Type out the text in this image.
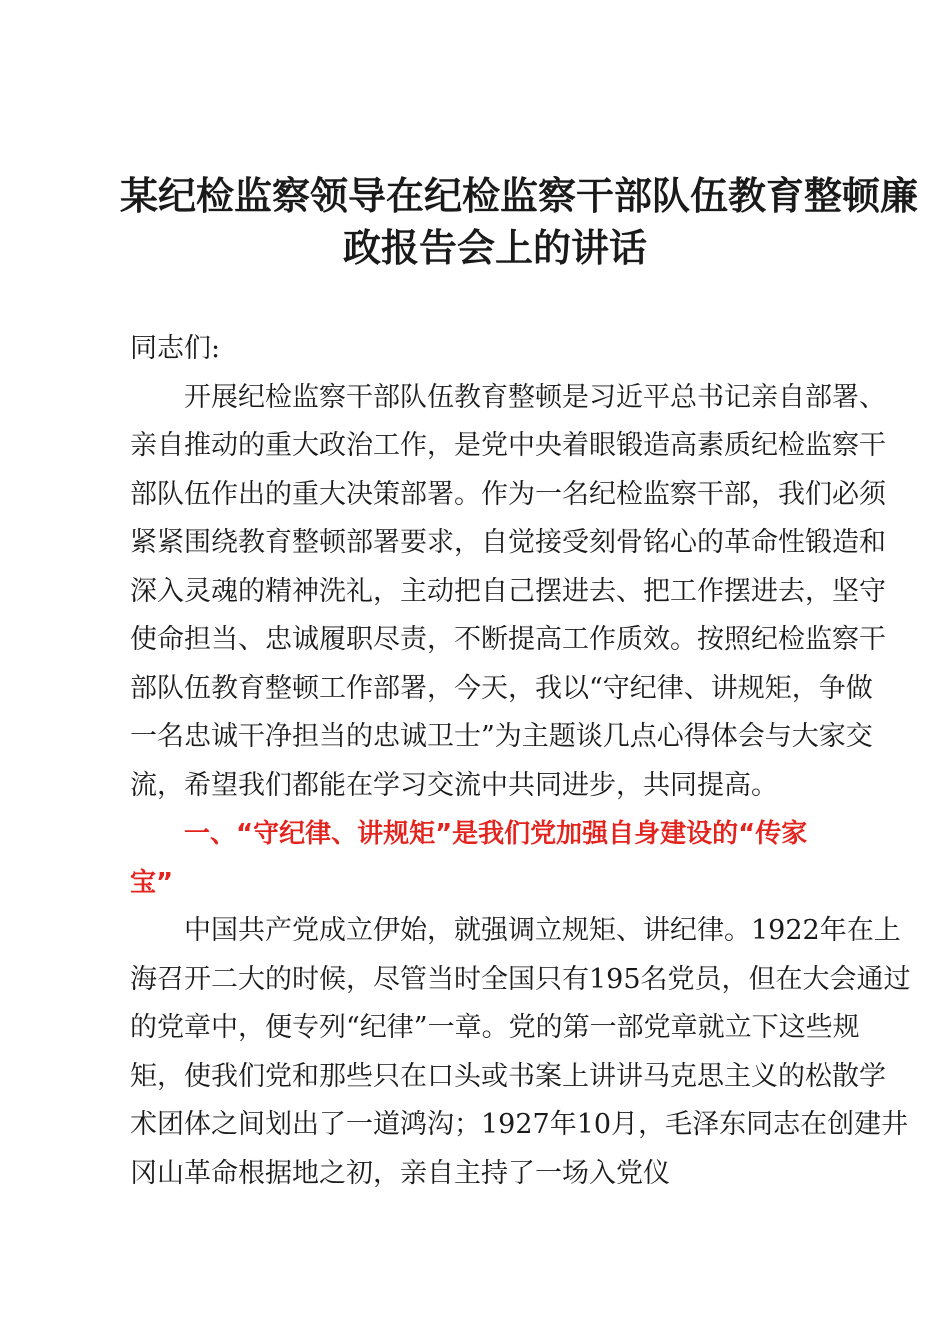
某纪检监察领导在纪检监察干部队伍教育整顿廉
政报告会上的讲话

同志们:

开展纪检监察干部队伍教育整顿是习近平总书记亲自部署、
亲自推动的重大政治工作，是党中央着眼锻造高素质纪检监察干
部队伍作出的重大决策部署。作为一名纪检监察干部，我们必须
紧紧围绕教育整顿部署要求，自觉接受刻骨铭心的革命性锻造和
深入灵魂的精神洗礼，主动把自己摆进去、把工作摆进去，坚守
使命担当、忠诚履职尽责，不断提高工作质效。按照纪检监察干
部队伍教育整顿工作部署，今天，我以“守纪律、讲规矩，争做
一名忠诚干净担当的忠诚卫士”为主题谈几点心得体会与大家交
流，希望我们都能在学习交流中共同进步，共同提高。

一、“守纪律、讲规矩”是我们党加强自身建设的“传家
宝”

中国共产党成立伊始，就强调立规矩、讲纪律。1922年在上
海召开二大的时候，尽管当时全国只有195名党员，但在大会通过
的党章中，便专列“纪律”一章。党的第一部党章就立下这些规
矩，使我们党和那些只在口头或书案上讲讲马克思主义的松散学
术团体之间划出了一道鸿沟；1927年10月，毛泽东同志在创建井
冈山革命根据地之初，亲自主持了一场入党仪
